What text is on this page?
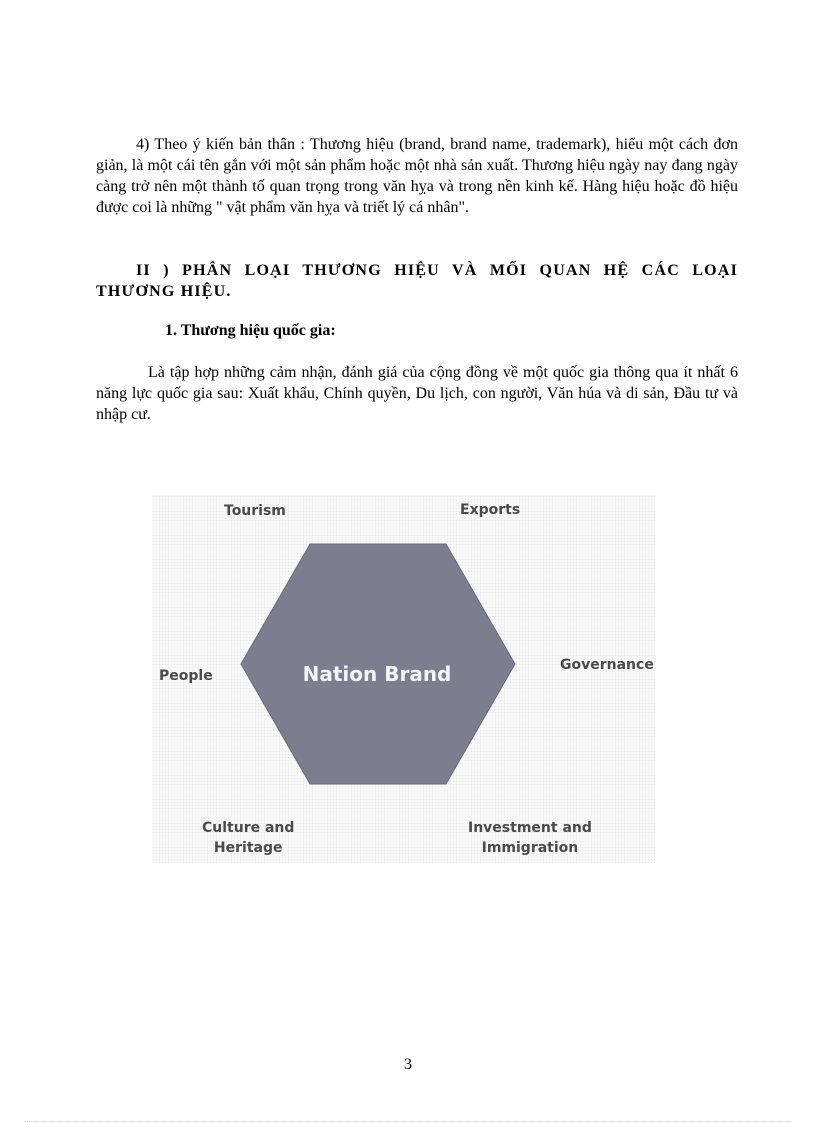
4) Theo ý kiến bản thân : Thương hiệu (brand, brand name, trademark), hiểu một cách đơn giản, là một cái tên gắn với một sản phẩm hoặc một nhà sản xuất. Thương hiệu ngày nay đang ngày càng trở nên một thành tố quan trọng trong văn hỵa và trong nền kinh kế. Hàng hiệu hoặc đồ hiệu được coi là những " vật phẩm văn hỵa và triết lý cá nhân".

II ) PHÂN LOẠI THƯƠNG HIỆU VÀ MỐI QUAN HỆ CÁC LOẠI THƯƠNG HIỆU.

1. Thương hiệu quốc gia:

Là tập hợp những cảm nhận, đánh giá của cộng đồng về một quốc gia thông qua ít nhất 6 năng lực quốc gia sau: Xuất khẩu, Chính quyền, Du lịch, con người, Văn húa và di sản, Đầu tư và nhập cư.

Nation Brand
Tourism	Exports
People
Governance
Culture and
Heritage
Investment and
Immigration
3
